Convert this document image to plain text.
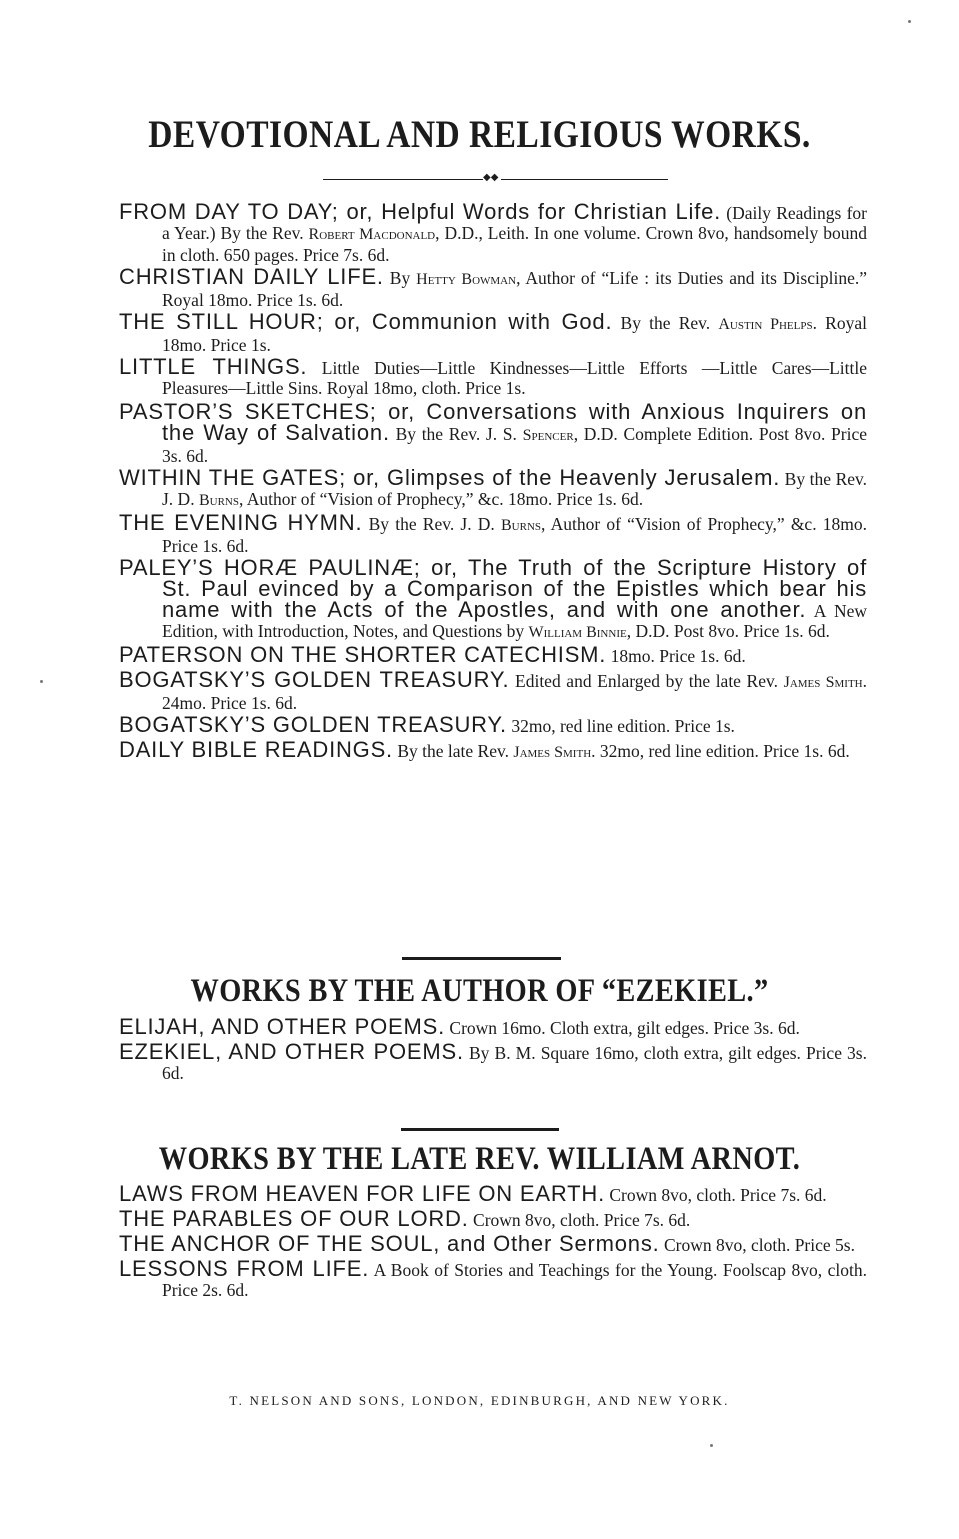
DEVOTIONAL AND RELIGIOUS WORKS.
◆◆

FROM DAY TO DAY; or, Helpful Words for Christian Life. (Daily Readings for a Year.) By the Rev. Robert Macdonald, D.D., Leith. In one volume. Crown 8vo, handsomely bound in cloth. 650 pages. Price 7s. 6d.

CHRISTIAN DAILY LIFE. By Hetty Bowman, Author of “Life : its Duties and its Discipline.” Royal 18mo. Price 1s. 6d.

THE STILL HOUR; or, Communion with God. By the Rev. Austin Phelps. Royal 18mo. Price 1s.

LITTLE THINGS. Little Duties—Little Kindnesses—Little Efforts —Little Cares—Little Pleasures—Little Sins. Royal 18mo, cloth. Price 1s.

PASTOR’S SKETCHES; or, Conversations with Anxious Inquirers on the Way of Salvation. By the Rev. J. S. Spencer, D.D. Complete Edition. Post 8vo. Price 3s. 6d.

WITHIN THE GATES; or, Glimpses of the Heavenly Jerusalem. By the Rev. J. D. Burns, Author of “Vision of Prophecy,” &c. 18mo. Price 1s. 6d.

THE EVENING HYMN. By the Rev. J. D. Burns, Author of “Vision of Prophecy,” &c. 18mo. Price 1s. 6d.

PALEY’S HORÆ PAULINÆ; or, The Truth of the Scripture History of St. Paul evinced by a Comparison of the Epistles which bear his name with the Acts of the Apostles, and with one another. A New Edition, with Introduction, Notes, and Questions by William Binnie, D.D. Post 8vo. Price 1s. 6d.

PATERSON ON THE SHORTER CATECHISM. 18mo. Price 1s. 6d.

BOGATSKY’S GOLDEN TREASURY. Edited and Enlarged by the late Rev. James Smith. 24mo. Price 1s. 6d.

BOGATSKY’S GOLDEN TREASURY. 32mo, red line edition. Price 1s.

DAILY BIBLE READINGS. By the late Rev. James Smith. 32mo, red line edition. Price 1s. 6d.

WORKS BY THE AUTHOR OF “EZEKIEL.”

ELIJAH, AND OTHER POEMS. Crown 16mo. Cloth extra, gilt edges. Price 3s. 6d.

EZEKIEL, AND OTHER POEMS. By B. M. Square 16mo, cloth extra, gilt edges. Price 3s. 6d.

WORKS BY THE LATE REV. WILLIAM ARNOT.

LAWS FROM HEAVEN FOR LIFE ON EARTH. Crown 8vo, cloth. Price 7s. 6d.

THE PARABLES OF OUR LORD. Crown 8vo, cloth. Price 7s. 6d.

THE ANCHOR OF THE SOUL, and Other Sermons. Crown 8vo, cloth. Price 5s.

LESSONS FROM LIFE. A Book of Stories and Teachings for the Young. Foolscap 8vo, cloth. Price 2s. 6d.

T. NELSON AND SONS, LONDON, EDINBURGH, AND NEW YORK.
